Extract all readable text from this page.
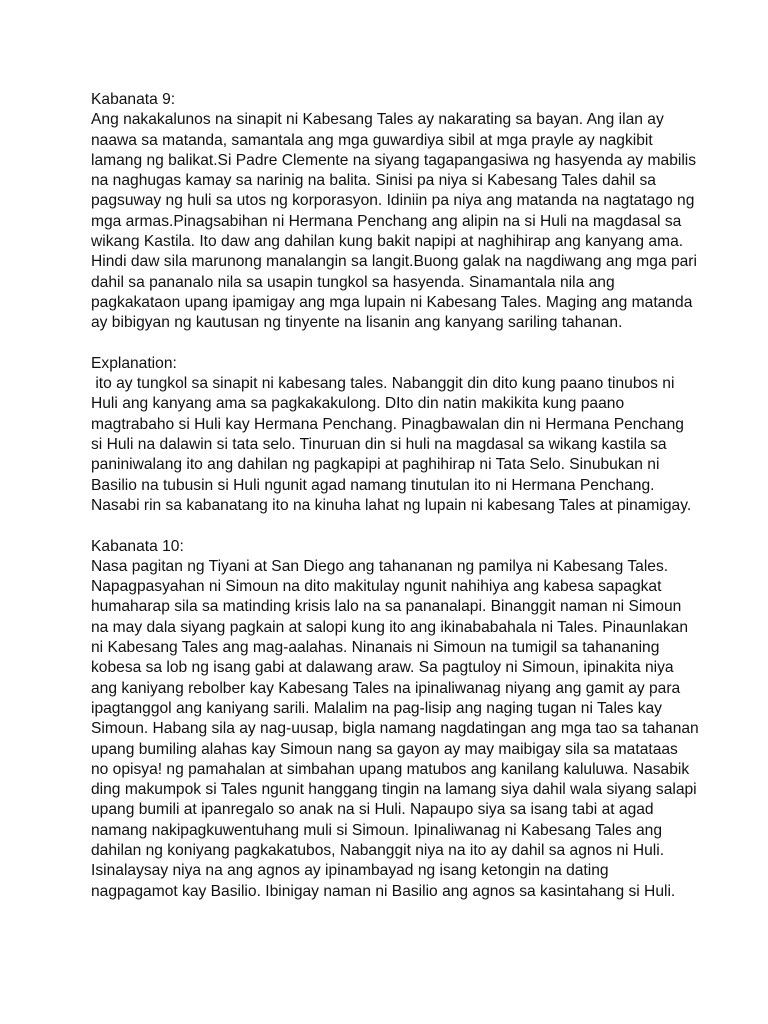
Kabanata 9:
Ang nakakalunos na sinapit ni Kabesang Tales ay nakarating sa bayan. Ang ilan ay
naawa sa matanda, samantala ang mga guwardiya sibil at mga prayle ay nagkibit
lamang ng balikat.Si Padre Clemente na siyang tagapangasiwa ng hasyenda ay mabilis
na naghugas kamay sa narinig na balita. Sinisi pa niya si Kabesang Tales dahil sa
pagsuway ng huli sa utos ng korporasyon. Idiniin pa niya ang matanda na nagtatago ng
mga armas.Pinagsabihan ni Hermana Penchang ang alipin na si Huli na magdasal sa
wikang Kastila. Ito daw ang dahilan kung bakit napipi at naghihirap ang kanyang ama.
Hindi daw sila marunong manalangin sa langit.Buong galak na nagdiwang ang mga pari
dahil sa pananalo nila sa usapin tungkol sa hasyenda. Sinamantala nila ang
pagkakataon upang ipamigay ang mga lupain ni Kabesang Tales. Maging ang matanda
ay bibigyan ng kautusan ng tinyente na lisanin ang kanyang sariling tahanan.
Explanation:
ito ay tungkol sa sinapit ni kabesang tales. Nabanggit din dito kung paano tinubos ni
Huli ang kanyang ama sa pagkakakulong. DIto din natin makikita kung paano
magtrabaho si Huli kay Hermana Penchang. Pinagbawalan din ni Hermana Penchang
si Huli na dalawin si tata selo. Tinuruan din si huli na magdasal sa wikang kastila sa
paniniwalang ito ang dahilan ng pagkapipi at paghihirap ni Tata Selo. Sinubukan ni
Basilio na tubusin si Huli ngunit agad namang tinutulan ito ni Hermana Penchang.
Nasabi rin sa kabanatang ito na kinuha lahat ng lupain ni kabesang Tales at pinamigay.
Kabanata 10:
Nasa pagitan ng Tiyani at San Diego ang tahananan ng pamilya ni Kabesang Tales.
Napagpasyahan ni Simoun na dito makitulay ngunit nahihiya ang kabesa sapagkat
humaharap sila sa matinding krisis lalo na sa pananalapi. Binanggit naman ni Simoun
na may dala siyang pagkain at salopi kung ito ang ikinababahala ni Tales. Pinaunlakan
ni Kabesang Tales ang mag-aalahas. Ninanais ni Simoun na tumigil sa tahananing
kobesa sa lob ng isang gabi at dalawang araw. Sa pagtuloy ni Simoun, ipinakita niya
ang kaniyang rebolber kay Kabesang Tales na ipinaliwanag niyang ang gamit ay para
ipagtanggol ang kaniyang sarili. Malalim na pag-lisip ang naging tugan ni Tales kay
Simoun. Habang sila ay nag-uusap, bigla namang nagdatingan ang mga tao sa tahanan
upang bumiling alahas kay Simoun nang sa gayon ay may maibigay sila sa matataas
no opisya! ng pamahalan at simbahan upang matubos ang kanilang kaluluwa. Nasabik
ding makumpok si Tales ngunit hanggang tingin na lamang siya dahil wala siyang salapi
upang bumili at ipanregalo so anak na si Huli. Napaupo siya sa isang tabi at agad
namang nakipagkuwentuhang muli si Simoun. Ipinaliwanag ni Kabesang Tales ang
dahilan ng koniyang pagkakatubos, Nabanggit niya na ito ay dahil sa agnos ni Huli.
Isinalaysay niya na ang agnos ay ipinambayad ng isang ketongin na dating
nagpagamot kay Basilio. Ibinigay naman ni Basilio ang agnos sa kasintahang si Huli.
